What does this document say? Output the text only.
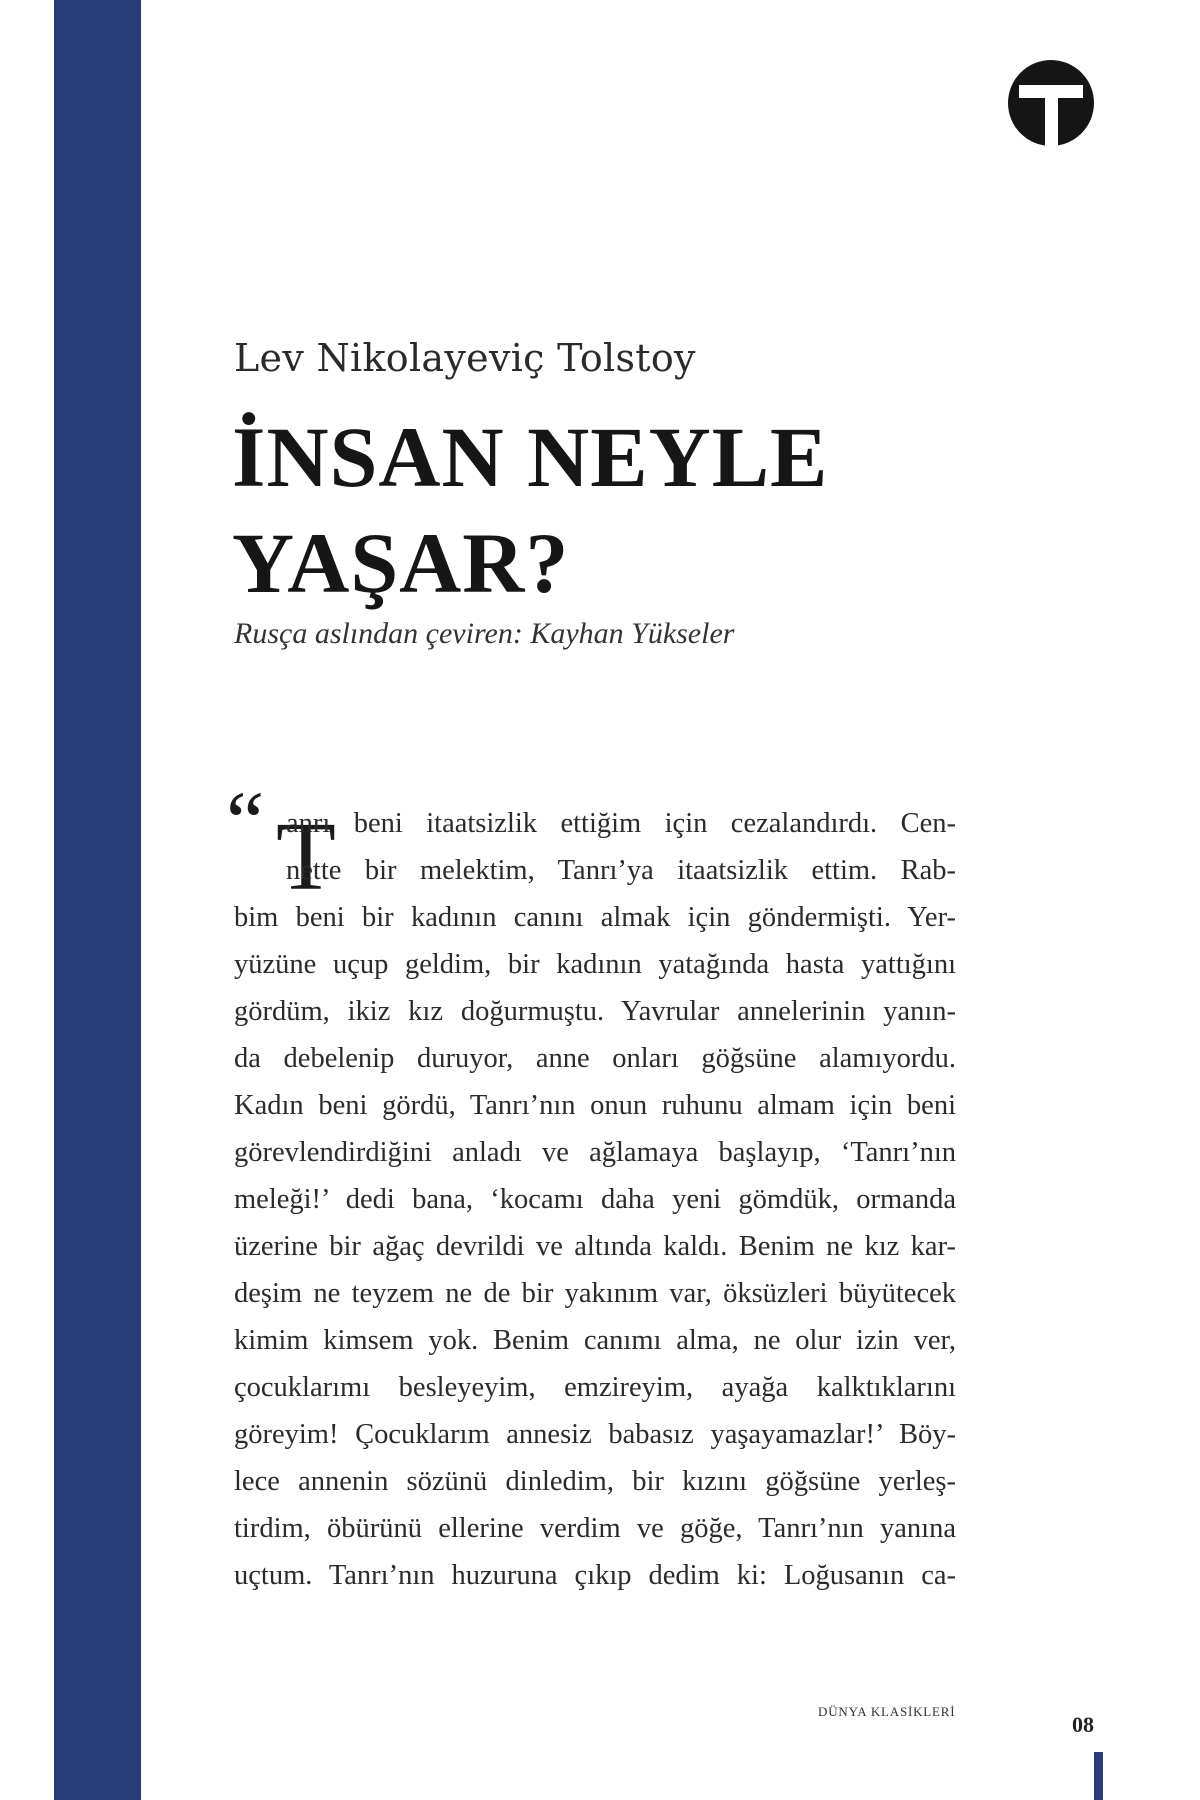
Lev Nikolayeviç Tolstoy
İNSAN NEYLE
YAŞAR?
Rusça aslından çeviren: Kayhan Yükseler
“ T
anrı beni itaatsizlik ettiğim için cezalandırdı. Cen-
nette bir melektim, Tanrı’ya itaatsizlik ettim. Rab-
bim beni bir kadının canını almak için göndermişti. Yer-
yüzüne uçup geldim, bir kadının yatağında hasta yattığını
gördüm, ikiz kız doğurmuştu. Yavrular annelerinin yanın-
da debelenip duruyor, anne onları göğsüne alamıyordu.
Kadın beni gördü, Tanrı’nın onun ruhunu almam için beni
görevlendirdiğini anladı ve ağlamaya başlayıp, ‘Tanrı’nın
meleği!’ dedi bana, ‘kocamı daha yeni gömdük, ormanda
üzerine bir ağaç devrildi ve altında kaldı. Benim ne kız kar-
deşim ne teyzem ne de bir yakınım var, öksüzleri büyütecek
kimim kimsem yok. Benim canımı alma, ne olur izin ver,
çocuklarımı besleyeyim, emzireyim, ayağa kalktıklarını
göreyim! Çocuklarım annesiz babasız yaşayamazlar!’ Böy-
lece annenin sözünü dinledim, bir kızını göğsüne yerleş-
tirdim, öbürünü ellerine verdim ve göğe, Tanrı’nın yanına
uçtum. Tanrı’nın huzuruna çıkıp dedim ki: Loğusanın ca-
DÜNYA KLASİKLERİ
08
